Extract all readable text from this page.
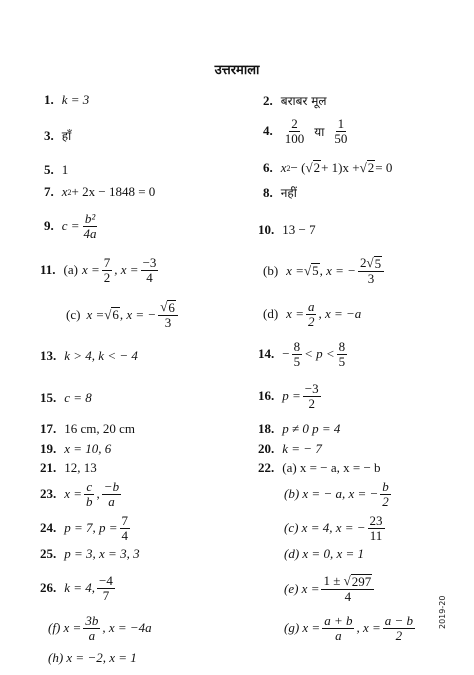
उत्तरमाला
1. k = 3	2. बराबर मूल
3. हाँ	4. $\frac{2}{100}$ या $\frac{1}{50}$
5. 1	6. x 2 − ( √ 2 + 1)x + √ 2 = 0
7. x 2 + 2x − 1848 = 0	8. नहीं
9. $c = \frac{\text{b²}}{4a}$	10. 13 − 7
11. (a) $x = \frac{7}{2}$ , $x = \frac{-3}{4}$	(b) x = √ 5 , x = − $\frac{2√ 5}{3}$
(c) x = √ 6 , x = − $\frac{√ 6}{3}$	(d) $x = \frac{a}{2}$ , x = −a
13. k > 4, k < − 4	14. − $\frac{8}{5} < p < \frac{8}{5}$
15. c = 8	16. $p = \frac{-3}{2}$
17. 16 cm, 20 cm	18. p ≠ 0 p = 4
19. x = 10, 6	20. k = − 7
21. 12, 13	22. (a) x = − a, x = − b
23. $x = \frac{c}{b}$ , $\frac{-b}{a}$	(b) x = − a, x = − $\frac{b}{2}$
24. p = 7, $p = \frac{7}{4}$	(c) x = 4, x = − $\frac{23}{11}$
25. p = 3, x = 3, 3	(d) x = 0, x = 1
26. k = 4, $\frac{-4}{7}$	(e) $x = \frac{1 \pm √ 297}{4}$
(f) $x = \frac{3b}{a}$ , x = −4a	(g) $x = \frac{a + b}{a}$ , $x = \frac{a - b}{2}$
(h) x = −2, x = 1
2019-20
